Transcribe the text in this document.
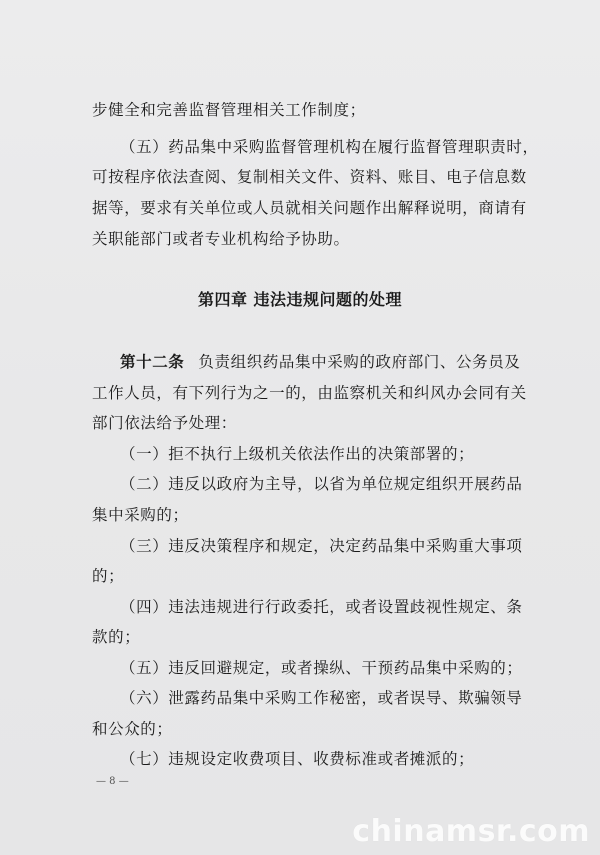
步健全和完善监督管理相关工作制度；
（五）药品集中采购监督管理机构在履行监督管理职责时，
可按程序依法查阅、复制相关文件、资料、账目、电子信息数
据等，要求有关单位或人员就相关问题作出解释说明，商请有
关职能部门或者专业机构给予协助。
第四章 违法违规问题的处理
第十二条 负责组织药品集中采购的政府部门、公务员及
工作人员，有下列行为之一的，由监察机关和纠风办会同有关
部门依法给予处理：
（一）拒不执行上级机关依法作出的决策部署的；
（二）违反以政府为主导，以省为单位规定组织开展药品
集中采购的；
（三）违反决策程序和规定，决定药品集中采购重大事项
的；
（四）违法违规进行行政委托，或者设置歧视性规定、条
款的；
（五）违反回避规定，或者操纵、干预药品集中采购的；
（六）泄露药品集中采购工作秘密，或者误导、欺骗领导
和公众的；
（七）违规设定收费项目、收费标准或者摊派的；
— 8 —
chinamsr.com
